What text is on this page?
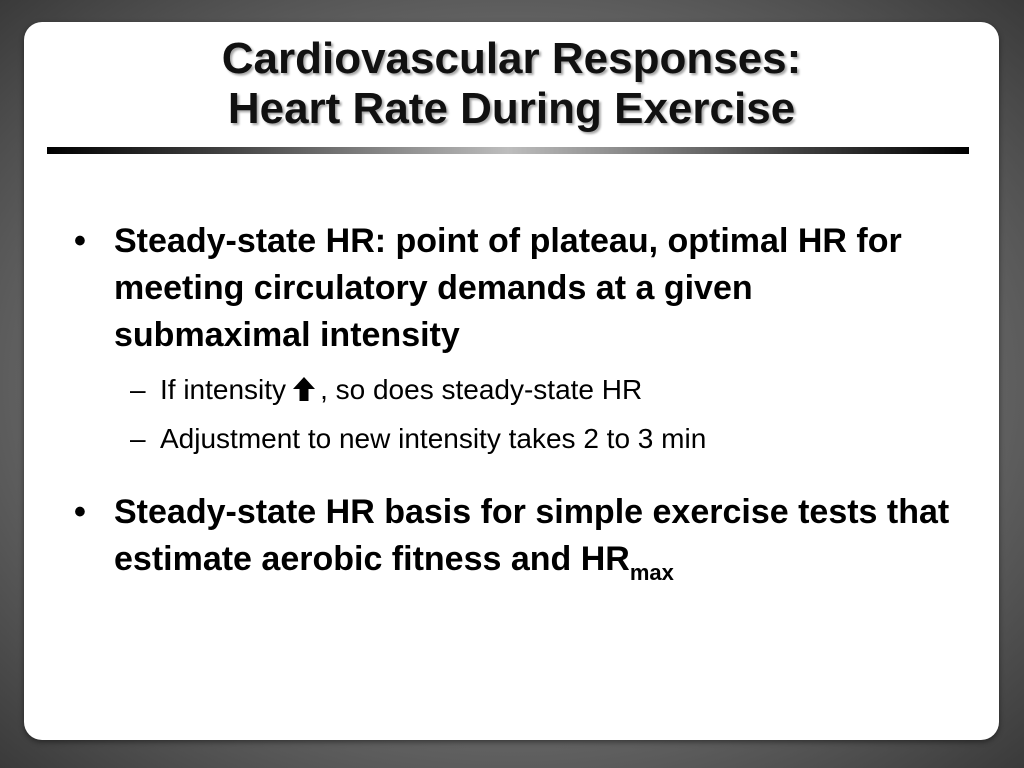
Cardiovascular Responses:
Heart Rate During Exercise
• Steady-state HR: point of plateau, optimal HR for meeting circulatory demands at a given submaximal intensity
– If intensity , so does steady-state HR
– Adjustment to new intensity takes 2 to 3 min
• Steady-state HR basis for simple exercise tests that estimate aerobic fitness and $HR_{max}$
